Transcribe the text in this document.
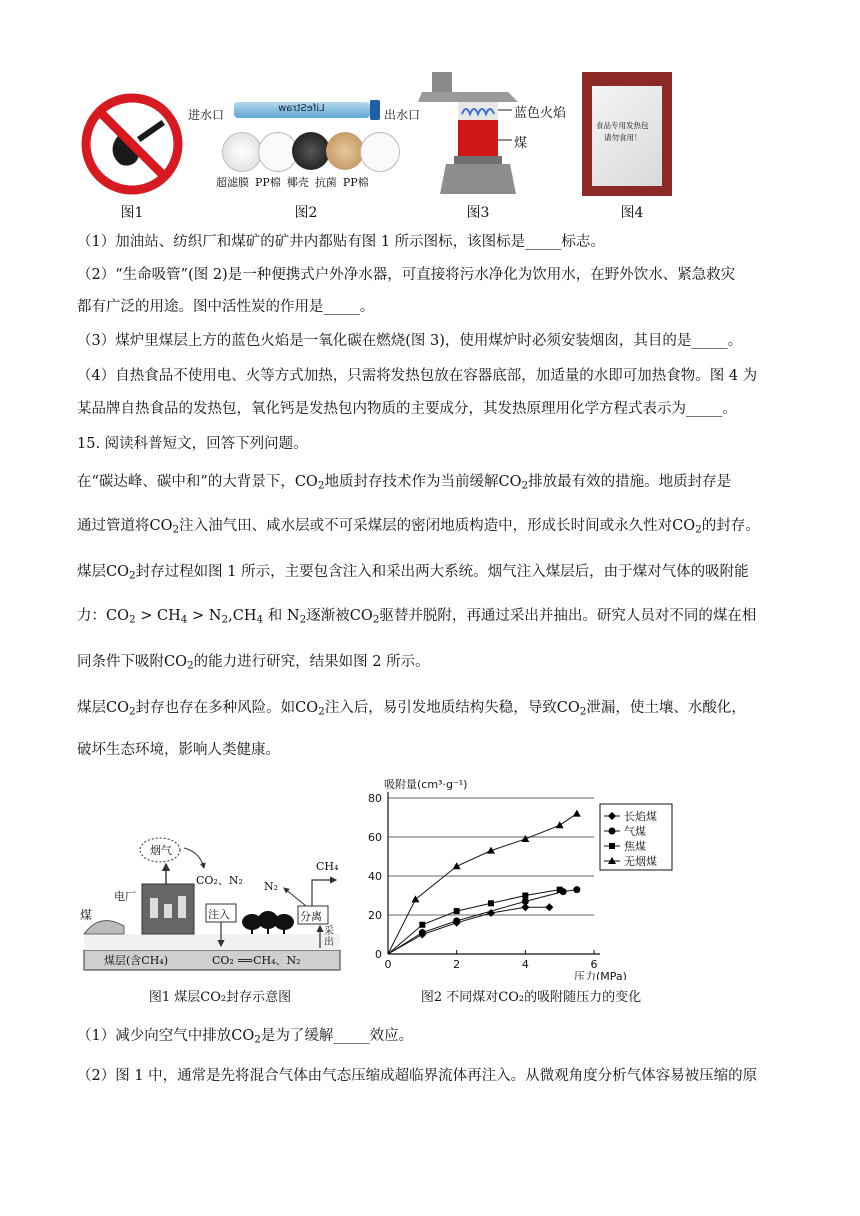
图1
进水口	LifeStraw	出水口
超滤膜 PP棉 椰壳 抗菌 PP棉
图2
蓝色火焰
煤
图3
食品专用发热包
请勿食用！
图4
（1）加油站、纺织厂和煤矿的矿井内都贴有图 1 所示图标，该图标是_____标志。
（2）“生命吸管”(图 2)是一种便携式户外净水器，可直接将污水净化为饮用水，在野外饮水、紧急救灾
都有广泛的用途。图中活性炭的作用是_____。
（3）煤炉里煤层上方的蓝色火焰是一氧化碳在燃烧(图 3)，使用煤炉时必须安装烟囱，其目的是_____。
（4）自热食品不使用电、火等方式加热，只需将发热包放在容器底部，加适量的水即可加热食物。图 4 为
某品牌自热食品的发热包，氧化钙是发热包内物质的主要成分，其发热原理用化学方程式表示为_____。
15. 阅读科普短文，回答下列问题。
在“碳达峰、碳中和”的大背景下，$CO_2$地质封存技术作为当前缓解$CO_2$排放最有效的措施。地质封存是
通过管道将$CO_2$注入油气田、咸水层或不可采煤层的密闭地质构造中，形成长时间或永久性对$CO_2$的封存。
煤层$CO_2$封存过程如图 1 所示，主要包含注入和采出两大系统。烟气注入煤层后，由于煤对气体的吸附能
力：$CO_2 > CH_4 > N_2,CH_4$ 和 $N_2$逐渐被$CO_2$驱替并脱附，再通过采出并抽出。研究人员对不同的煤在相
同条件下吸附$CO_2$的能力进行研究，结果如图 2 所示。
煤层$CO_2$封存也存在多种风险。如$CO_2$注入后，易引发地质结构失稳，导致$CO_2$泄漏，使土壤、水酸化，
破坏生态环境，影响人类健康。
煤
电厂
烟气
CO₂、N₂
注入	分离
CH₄
N₂
采出
煤层(含CH₄)	CO₂ ⟹CH₄、N₂
图1 煤层CO₂封存示意图
0
20
40
60
80
0	2	4	6
吸附量(cm³·g⁻¹)
压力(MPa)
长焰煤
气煤
焦煤
无烟煤
图2 不同煤对CO₂的吸附随压力的变化
（1）减少向空气中排放$CO_2$是为了缓解_____效应。
（2）图 1 中，通常是先将混合气体由气态压缩成超临界流体再注入。从微观角度分析气体容易被压缩的原
